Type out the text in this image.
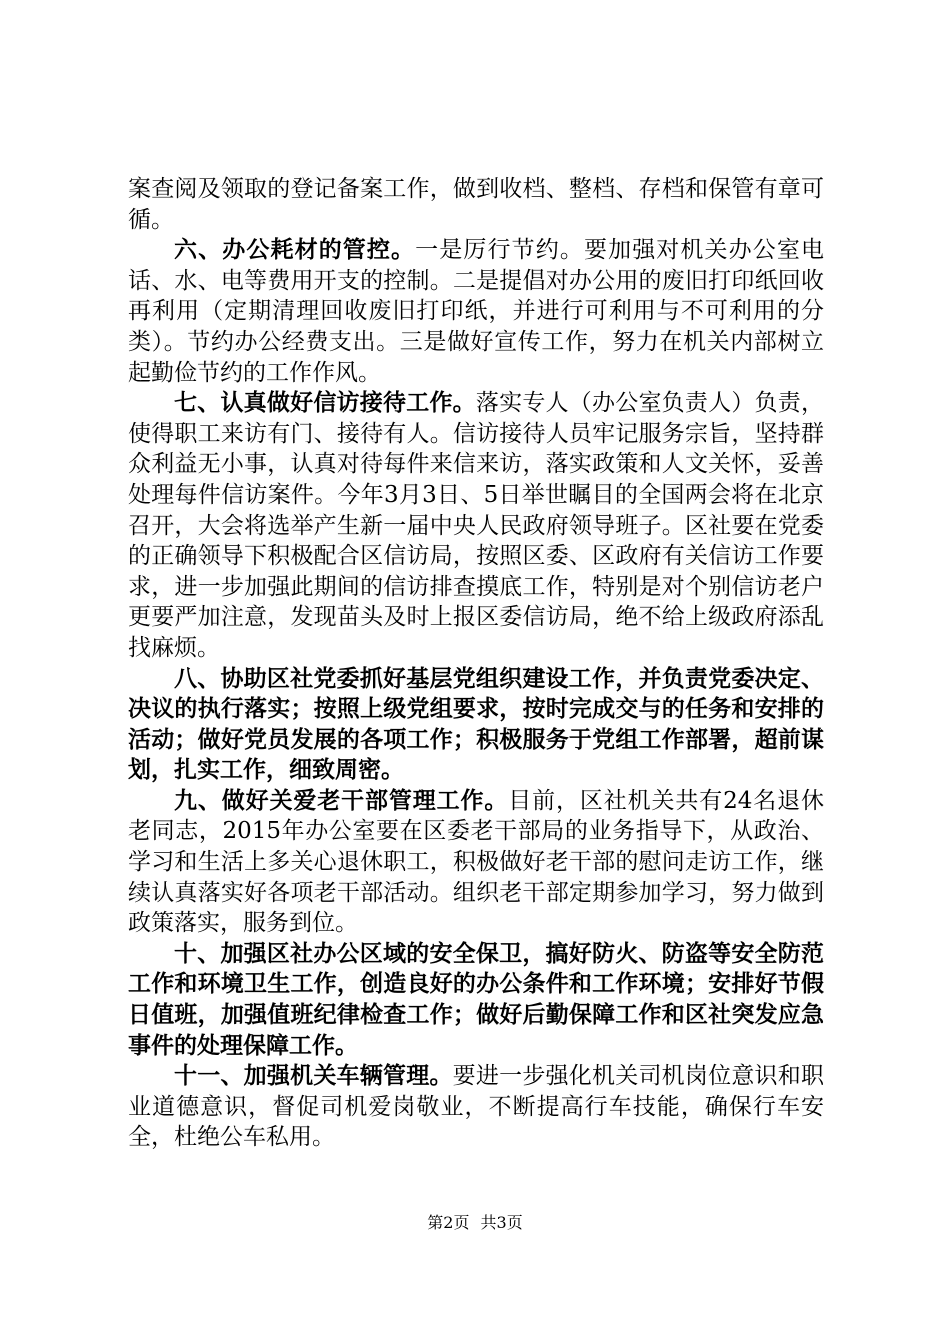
案查阅及领取的登记备案工作，做到收档、整档、存档和保管有章可循。

六、办公耗材的管控。一是厉行节约。要加强对机关办公室电话、水、电等费用开支的控制。二是提倡对办公用的废旧打印纸回收再利用（定期清理回收废旧打印纸，并进行可利用与不可利用的分类）。节约办公经费支出。三是做好宣传工作，努力在机关内部树立起勤俭节约的工作作风。

七、认真做好信访接待工作。落实专人（办公室负责人）负责，使得职工来访有门、接待有人。信访接待人员牢记服务宗旨，坚持群众利益无小事，认真对待每件来信来访，落实政策和人文关怀，妥善处理每件信访案件。今年3月3日、5日举世瞩目的全国两会将在北京召开，大会将选举产生新一届中央人民政府领导班子。区社要在党委的正确领导下积极配合区信访局，按照区委、区政府有关信访工作要求，进一步加强此期间的信访排查摸底工作，特别是对个别信访老户更要严加注意，发现苗头及时上报区委信访局，绝不给上级政府添乱找麻烦。

八、协助区社党委抓好基层党组织建设工作，并负责党委决定、决议的执行落实；按照上级党组要求，按时完成交与的任务和安排的活动；做好党员发展的各项工作；积极服务于党组工作部署，超前谋划，扎实工作，细致周密。

九、做好关爱老干部管理工作。目前，区社机关共有24名退休老同志，2015年办公室要在区委老干部局的业务指导下，从政治、学习和生活上多关心退休职工，积极做好老干部的慰问走访工作，继续认真落实好各项老干部活动。组织老干部定期参加学习，努力做到政策落实，服务到位。

十、加强区社办公区域的安全保卫，搞好防火、防盗等安全防范工作和环境卫生工作，创造良好的办公条件和工作环境；安排好节假日值班，加强值班纪律检查工作；做好后勤保障工作和区社突发应急事件的处理保障工作。

十一、加强机关车辆管理。要进一步强化机关司机岗位意识和职业道德意识，督促司机爱岗敬业，不断提高行车技能，确保行车安全，杜绝公车私用。

第2页 共3页
